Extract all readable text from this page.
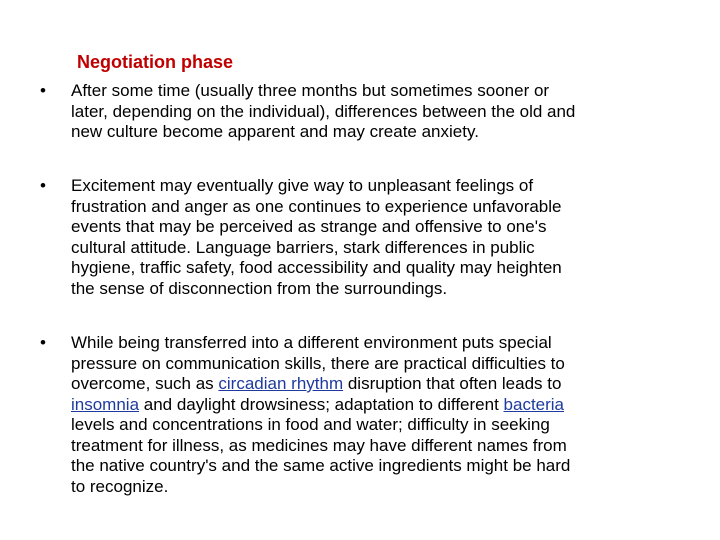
Negotiation phase
•	After some time (usually three months but sometimes sooner or
later, depending on the individual), differences between the old and
new culture become apparent and may create anxiety.
•	Excitement may eventually give way to unpleasant feelings of
frustration and anger as one continues to experience unfavorable
events that may be perceived as strange and offensive to one's
cultural attitude. Language barriers, stark differences in public
hygiene, traffic safety, food accessibility and quality may heighten
the sense of disconnection from the surroundings.
•	While being transferred into a different environment puts special
pressure on communication skills, there are practical difficulties to
overcome, such as circadian rhythm disruption that often leads to
insomnia and daylight drowsiness; adaptation to different bacteria
levels and concentrations in food and water; difficulty in seeking
treatment for illness, as medicines may have different names from
the native country's and the same active ingredients might be hard
to recognize.
